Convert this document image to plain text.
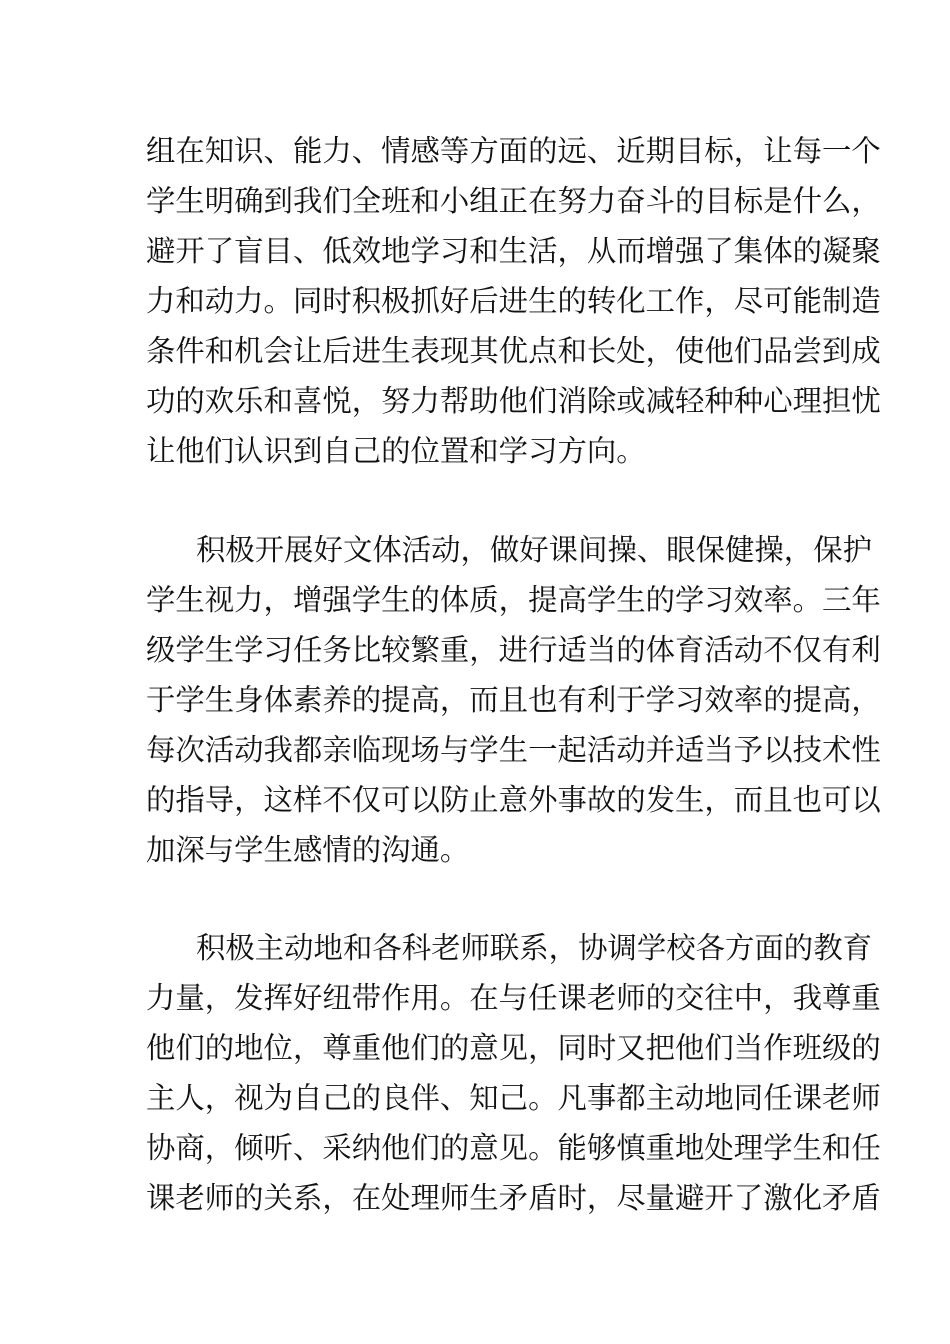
组在知识、能力、情感等方面的远、近期目标，让每一个
学生明确到我们全班和小组正在努力奋斗的目标是什么，
避开了盲目、低效地学习和生活，从而增强了集体的凝聚
力和动力。同时积极抓好后进生的转化工作，尽可能制造
条件和机会让后进生表现其优点和长处，使他们品尝到成
功的欢乐和喜悦，努力帮助他们消除或减轻种种心理担忧
让他们认识到自己的位置和学习方向。
积极开展好文体活动，做好课间操、眼保健操，保护
学生视力，增强学生的体质，提高学生的学习效率。三年
级学生学习任务比较繁重，进行适当的体育活动不仅有利
于学生身体素养的提高，而且也有利于学习效率的提高，
每次活动我都亲临现场与学生一起活动并适当予以技术性
的指导，这样不仅可以防止意外事故的发生，而且也可以
加深与学生感情的沟通。
积极主动地和各科老师联系，协调学校各方面的教育
力量，发挥好纽带作用。在与任课老师的交往中，我尊重
他们的地位，尊重他们的意见，同时又把他们当作班级的
主人，视为自己的良伴、知己。凡事都主动地同任课老师
协商，倾听、采纳他们的意见。能够慎重地处理学生和任
课老师的关系，在处理师生矛盾时，尽量避开了激化矛盾
